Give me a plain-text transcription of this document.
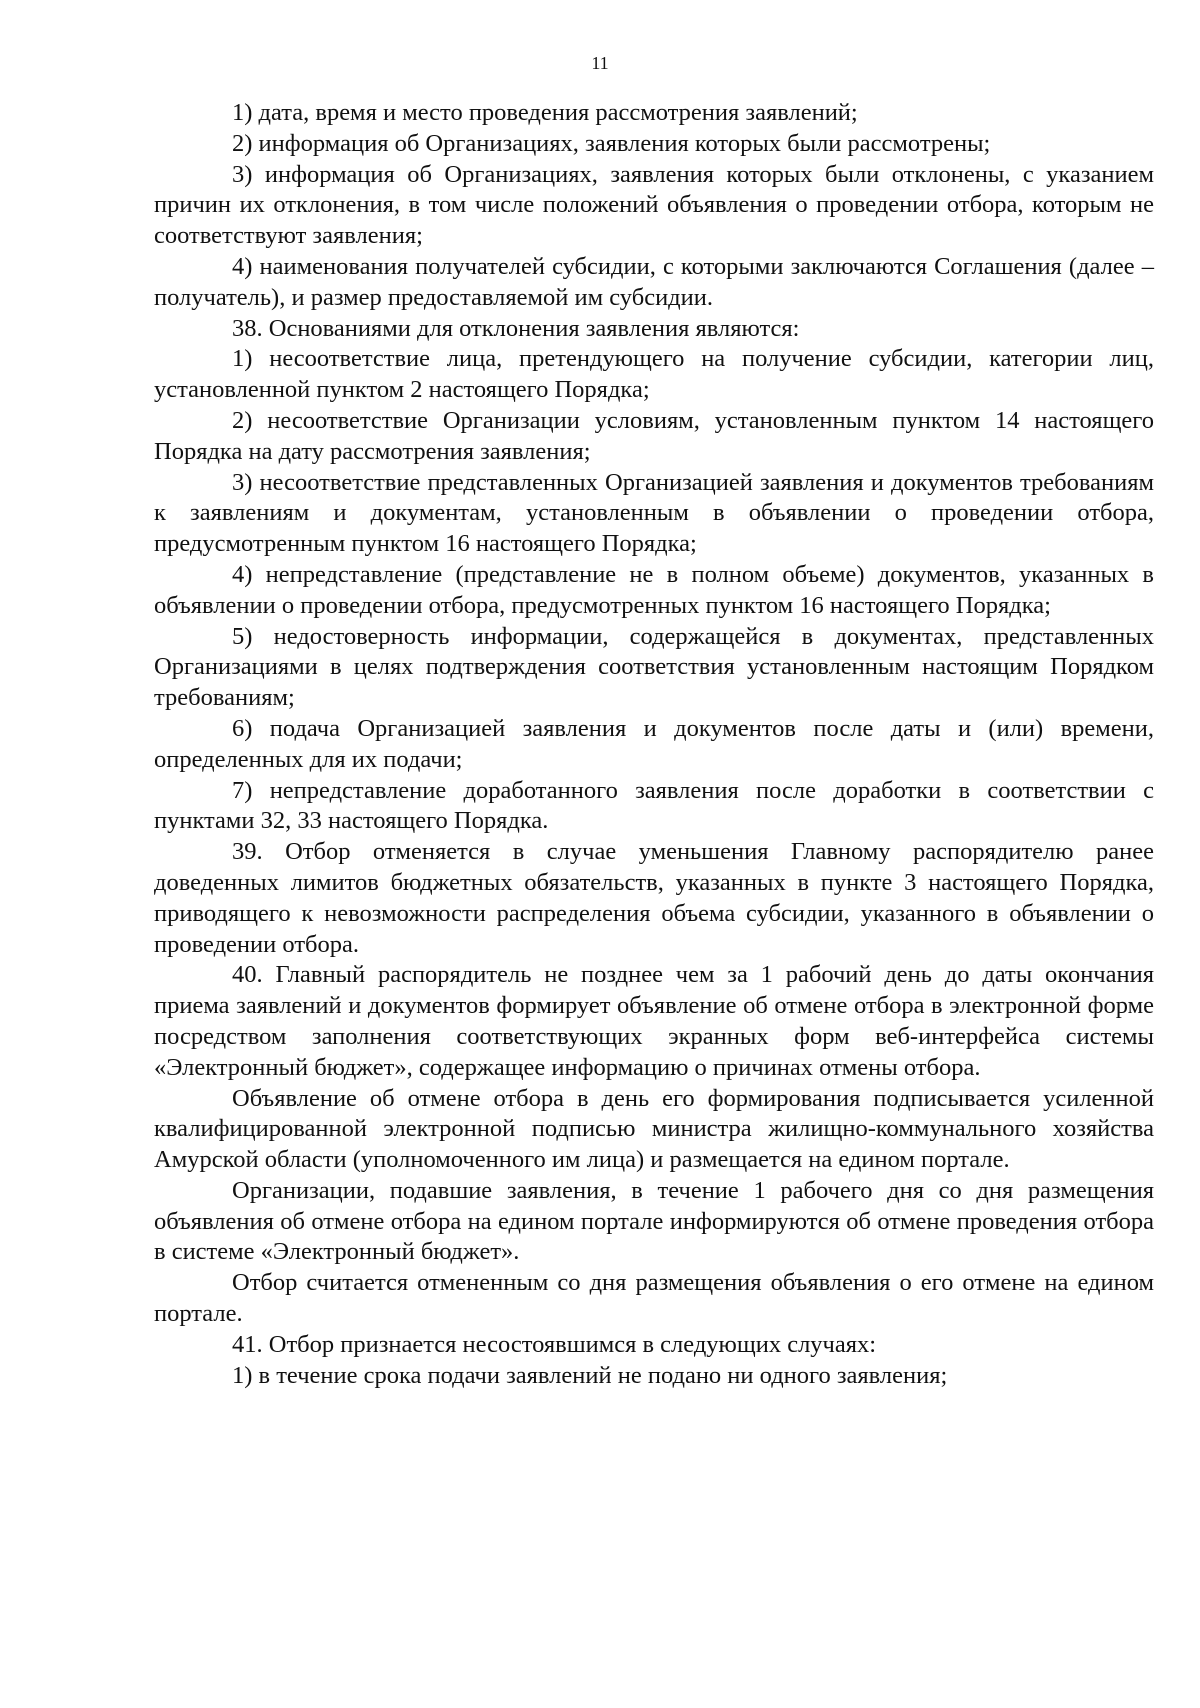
11

1) дата, время и место проведения рассмотрения заявлений;

2) информация об Организациях, заявления которых были рассмотрены;

3) информация об Организациях, заявления которых были отклонены, с указанием причин их отклонения, в том числе положений объявления о проведении отбора, которым не соответствуют заявления;

4) наименования получателей субсидии, с которыми заключаются Соглашения (далее – получатель), и размер предоставляемой им субсидии.

38. Основаниями для отклонения заявления являются:

1) несоответствие лица, претендующего на получение субсидии, категории лиц, установленной пунктом 2 настоящего Порядка;

2) несоответствие Организации условиям, установленным пунктом 14 настоящего Порядка на дату рассмотрения заявления;

3) несоответствие представленных Организацией заявления и документов требованиям к заявлениям и документам, установленным в объявлении о проведении отбора, предусмотренным пунктом 16 настоящего Порядка;

4) непредставление (представление не в полном объеме) документов, указанных в объявлении о проведении отбора, предусмотренных пунктом 16 настоящего Порядка;

5) недостоверность информации, содержащейся в документах, представленных Организациями в целях подтверждения соответствия установленным настоящим Порядком требованиям;

6) подача Организацией заявления и документов после даты и (или) времени, определенных для их подачи;

7) непредставление доработанного заявления после доработки в соответствии с пунктами 32, 33 настоящего Порядка.

39. Отбор отменяется в случае уменьшения Главному распорядителю ранее доведенных лимитов бюджетных обязательств, указанных в пункте 3 настоящего Порядка, приводящего к невозможности распределения объема субсидии, указанного в объявлении о проведении отбора.

40. Главный распорядитель не позднее чем за 1 рабочий день до даты окончания приема заявлений и документов формирует объявление об отмене отбора в электронной форме посредством заполнения соответствующих экранных форм веб-интерфейса системы «Электронный бюджет», содержащее информацию о причинах отмены отбора.

Объявление об отмене отбора в день его формирования подписывается усиленной квалифицированной электронной подписью министра жилищно-коммунального хозяйства Амурской области (уполномоченного им лица) и размещается на едином портале.

Организации, подавшие заявления, в течение 1 рабочего дня со дня размещения объявления об отмене отбора на едином портале информируются об отмене проведения отбора в системе «Электронный бюджет».

Отбор считается отмененным со дня размещения объявления о его отмене на едином портале.

41. Отбор признается несостоявшимся в следующих случаях:

1) в течение срока подачи заявлений не подано ни одного заявления;
